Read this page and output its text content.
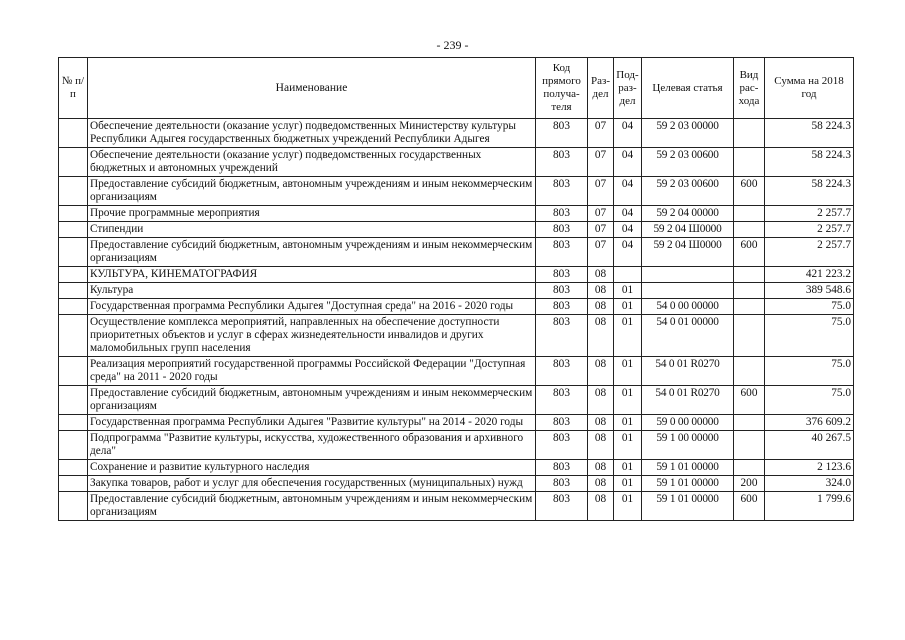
- 239 -
№ п/п	Наименование	Код прямого получа-теля	Раз-дел	Под-раз-дел	Целевая статья	Вид рас-хода	Сумма на 2018 год
	Обеспечение деятельности (оказание услуг) подведомственных Министерству культуры Республики Адыгея государственных бюджетных учреждений Республики Адыгея	803	07	04	59 2 03 00000		58 224.3
	Обеспечение деятельности (оказание услуг) подведомственных государственных бюджетных и автономных учреждений	803	07	04	59 2 03 00600		58 224.3
	Предоставление субсидий бюджетным, автономным учреждениям и иным некоммерческим организациям	803	07	04	59 2 03 00600	600	58 224.3
	Прочие программные мероприятия	803	07	04	59 2 04 00000		2 257.7
	Стипендии	803	07	04	59 2 04 Ш0000		2 257.7
	Предоставление субсидий бюджетным, автономным учреждениям и иным некоммерческим организациям	803	07	04	59 2 04 Ш0000	600	2 257.7
	КУЛЬТУРА, КИНЕМАТОГРАФИЯ	803	08				421 223.2
	Культура	803	08	01			389 548.6
	Государственная программа Республики Адыгея "Доступная среда" на 2016 - 2020 годы	803	08	01	54 0 00 00000		75.0
	Осуществление комплекса мероприятий, направленных на обеспечение доступности приоритетных объектов и услуг в сферах жизнедеятельности инвалидов и других маломобильных групп населения	803	08	01	54 0 01 00000		75.0
	Реализация мероприятий государственной программы Российской Федерации "Доступная среда" на 2011 - 2020 годы	803	08	01	54 0 01 R0270		75.0
	Предоставление субсидий бюджетным, автономным учреждениям и иным некоммерческим организациям	803	08	01	54 0 01 R0270	600	75.0
	Государственная программа Республики Адыгея "Развитие культуры" на 2014 - 2020 годы	803	08	01	59 0 00 00000		376 609.2
	Подпрограмма "Развитие культуры, искусства, художественного образования и архивного дела"	803	08	01	59 1 00 00000		40 267.5
	Сохранение и развитие культурного наследия	803	08	01	59 1 01 00000		2 123.6
	Закупка товаров, работ и услуг для обеспечения государственных (муниципальных) нужд	803	08	01	59 1 01 00000	200	324.0
	Предоставление субсидий бюджетным, автономным учреждениям и иным некоммерческим организациям	803	08	01	59 1 01 00000	600	1 799.6
